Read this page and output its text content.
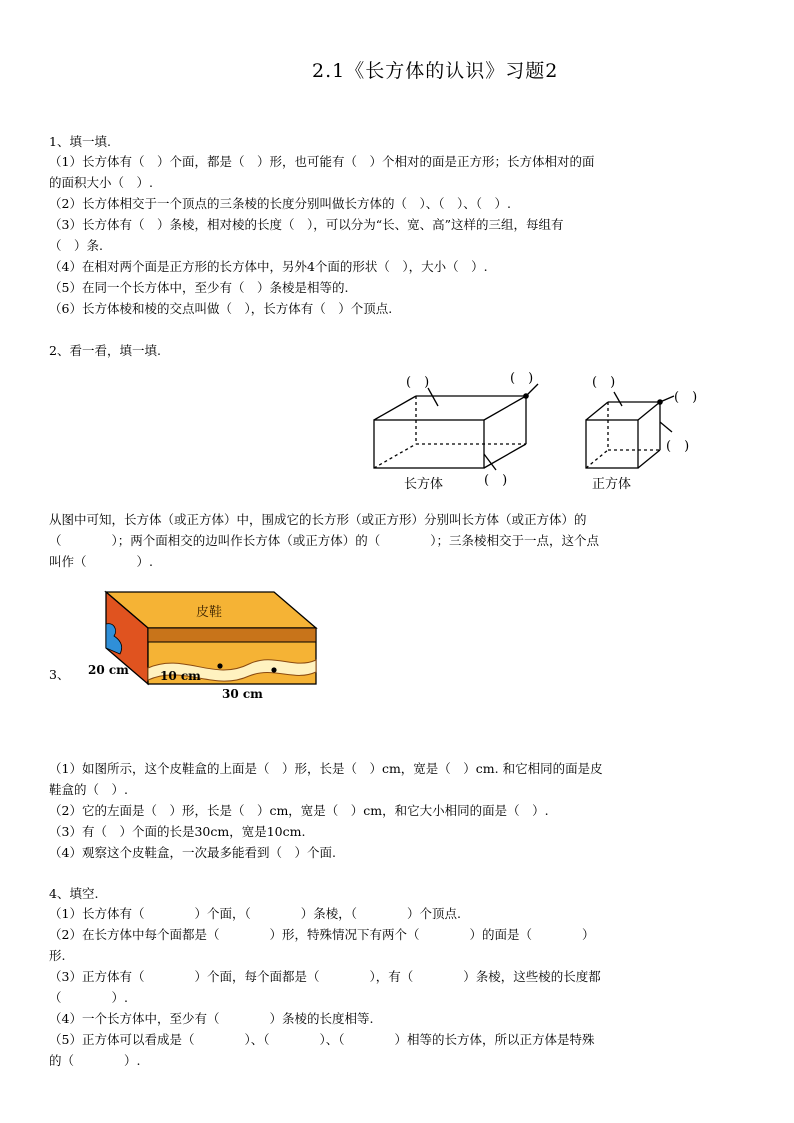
2.1《长方体的认识》习题2
1、填一填.
（1）长方体有（　）个面，都是（　）形，也可能有（　）个相对的面是正方形；长方体相对的面
的面积大小（　）.
（2）长方体相交于一个顶点的三条棱的长度分别叫做长方体的（　）、（　）、（　）.
（3）长方体有（　）条棱，相对棱的长度（　），可以分为“长、宽、高”这样的三组，每组有
（　）条.
（4）在相对两个面是正方形的长方体中，另外4个面的形状（　），大小（　）.
（5）在同一个长方体中，至少有（　）条棱是相等的.
（6）长方体棱和棱的交点叫做（　），长方体有（　）个顶点.
2、看一看，填一填.
(　)	(　)
长方体	(　)
(　)
(　)
(　)
正方体
从图中可知，长方体（或正方体）中，围成它的长方形（或正方形）分别叫长方体（或正方体）的
（　　　　）；两个面相交的边叫作长方体（或正方体）的（　　　　）；三条棱相交于一点，这个点
叫作（　　　　）.
3、
皮鞋
20 cm	10 cm
30 cm
（1）如图所示，这个皮鞋盒的上面是（　）形，长是（　）cm，宽是（　）cm. 和它相同的面是皮
鞋盒的（　）.
（2）它的左面是（　）形，长是（　）cm，宽是（　）cm，和它大小相同的面是（　）.
（3）有（　）个面的长是30cm，宽是10cm.
（4）观察这个皮鞋盒，一次最多能看到（　）个面.
4、填空.
（1）长方体有（　　　　）个面，（　　　　）条棱，（　　　　）个顶点.
（2）在长方体中每个面都是（　　　　）形，特殊情况下有两个（　　　　）的面是（　　　　）
形.
（3）正方体有（　　　　）个面，每个面都是（　　　　），有（　　　　）条棱，这些棱的长度都
（　　　　）.
（4）一个长方体中，至少有（　　　　）条棱的长度相等.
（5）正方体可以看成是（　　　　）、（　　　　）、（　　　　）相等的长方体，所以正方体是特殊
的（　　　　）.
